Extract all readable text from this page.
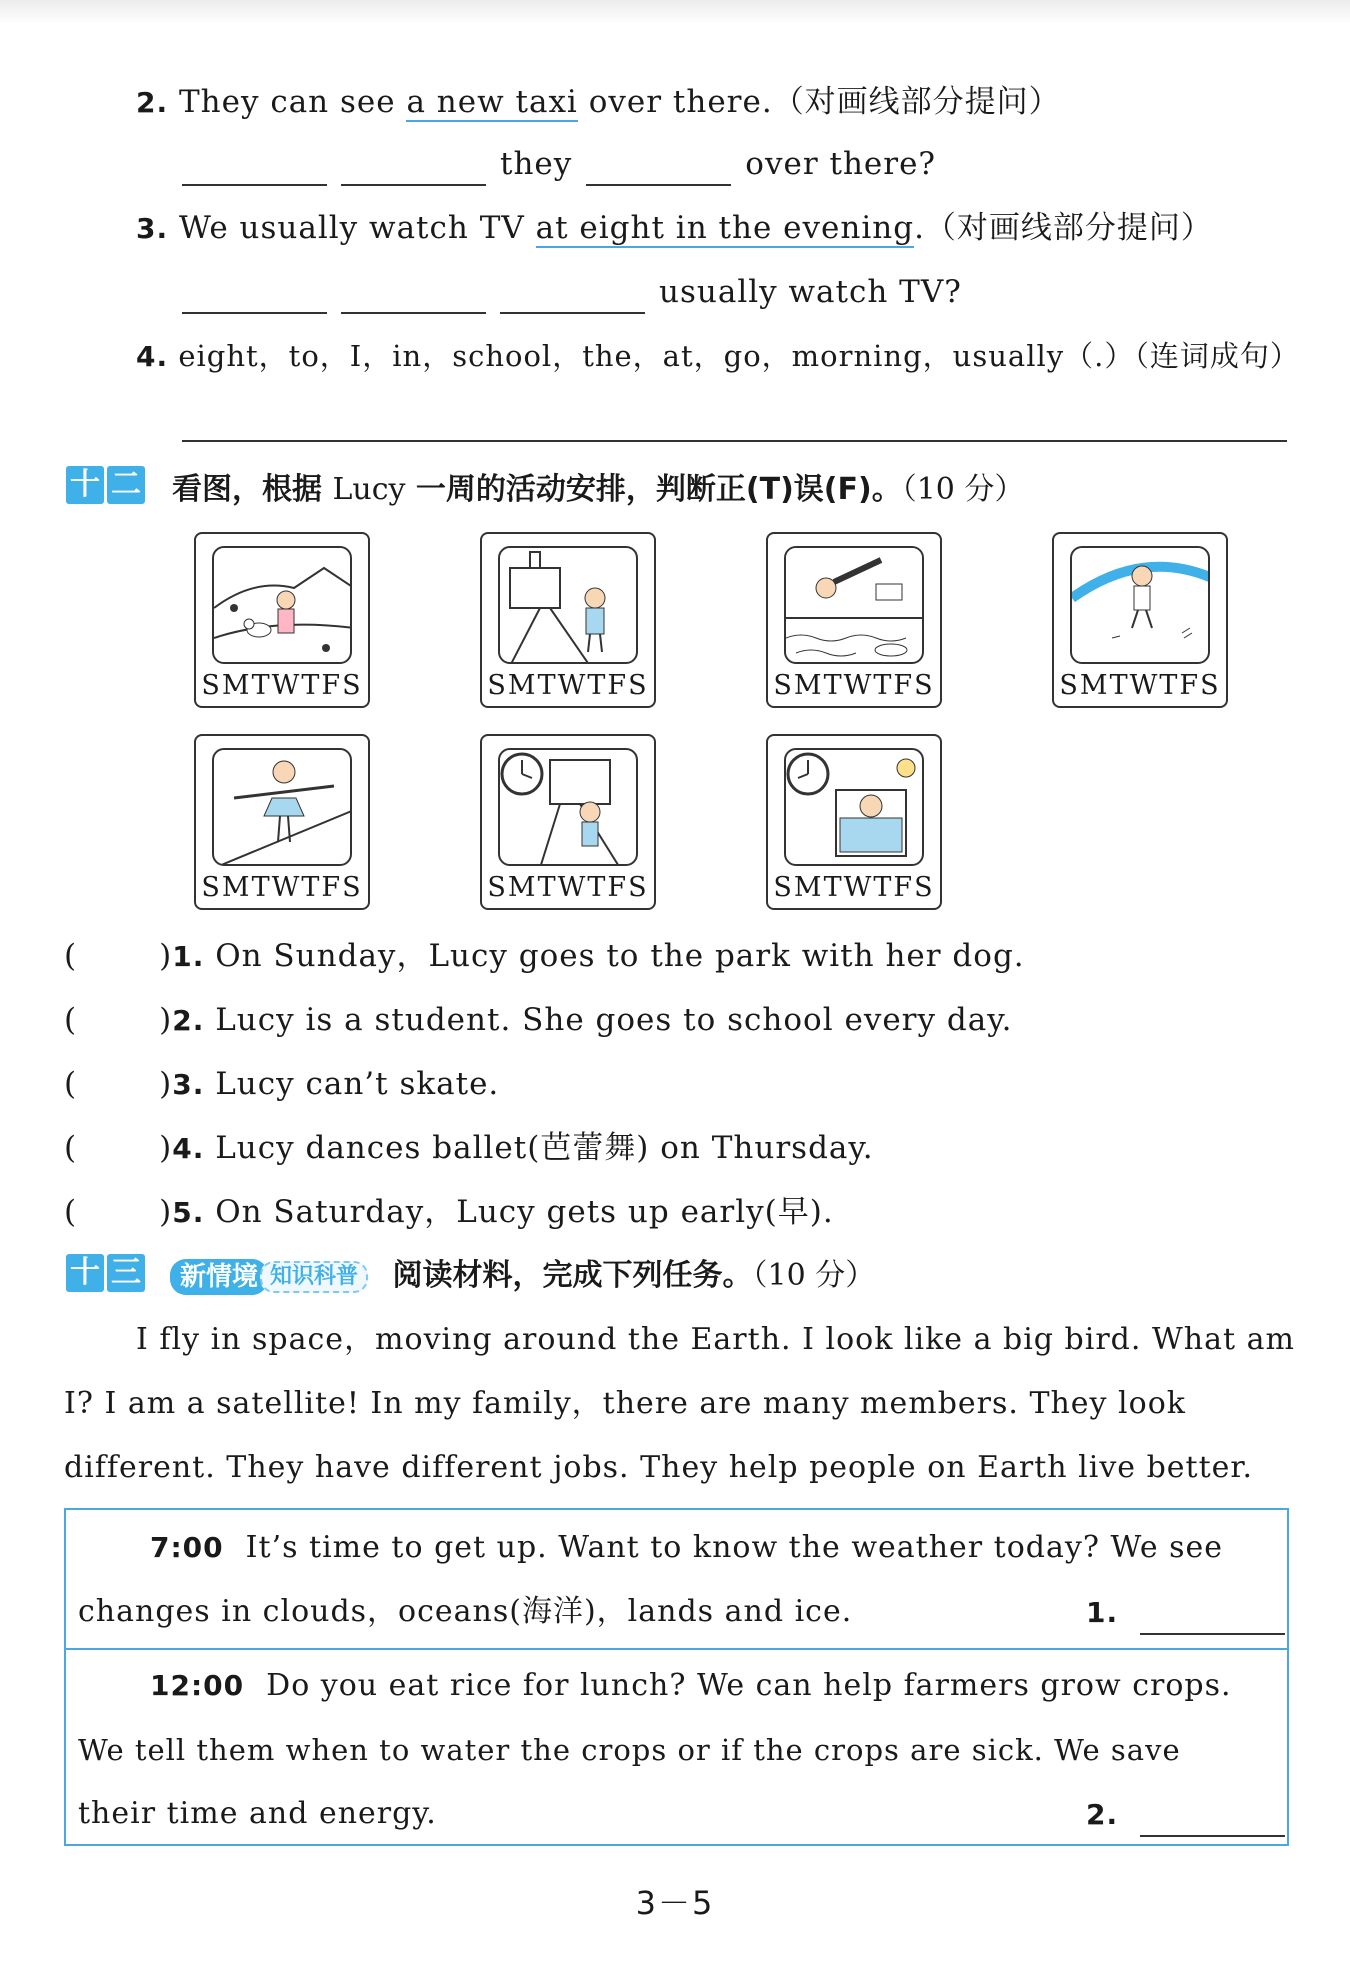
2. They can see a new taxi over there.（对画线部分提问）
they	over there?
3. We usually watch TV at eight in the evening.（对画线部分提问）
usually watch TV?
4. eight，to，I，in，school，the，at，go，morning，usually（.）（连词成句）
十 二 看图，根据 Lucy 一周的活动安排，判断正(T)误(F)。（10 分）
SMTWTFS	SMTWTFS	SMTWTFS	SMTWTFS
SMTWTFS	SMTWTFS	SMTWTFS
(	)1. On Sunday，Lucy goes to the park with her dog.
(	)2. Lucy is a student. She goes to school every day.
(	)3. Lucy can’t skate.
(	)4. Lucy dances ballet(芭蕾舞) on Thursday.
(	)5. On Saturday，Lucy gets up early(早).
十 三	新情境 知识科普 阅读材料，完成下列任务。（10 分）
I fly in space，moving around the Earth. I look like a big bird. What am
I? I am a satellite! In my family，there are many members. They look
different. They have different jobs. They help people on Earth live better.
7:00 It’s time to get up. Want to know the weather today? We see
changes in clouds，oceans(海洋)，lands and ice.	1.
12:00 Do you eat rice for lunch? We can help farmers grow crops.
We tell them when to water the crops or if the crops are sick. We save
their time and energy.	2.
3－5
